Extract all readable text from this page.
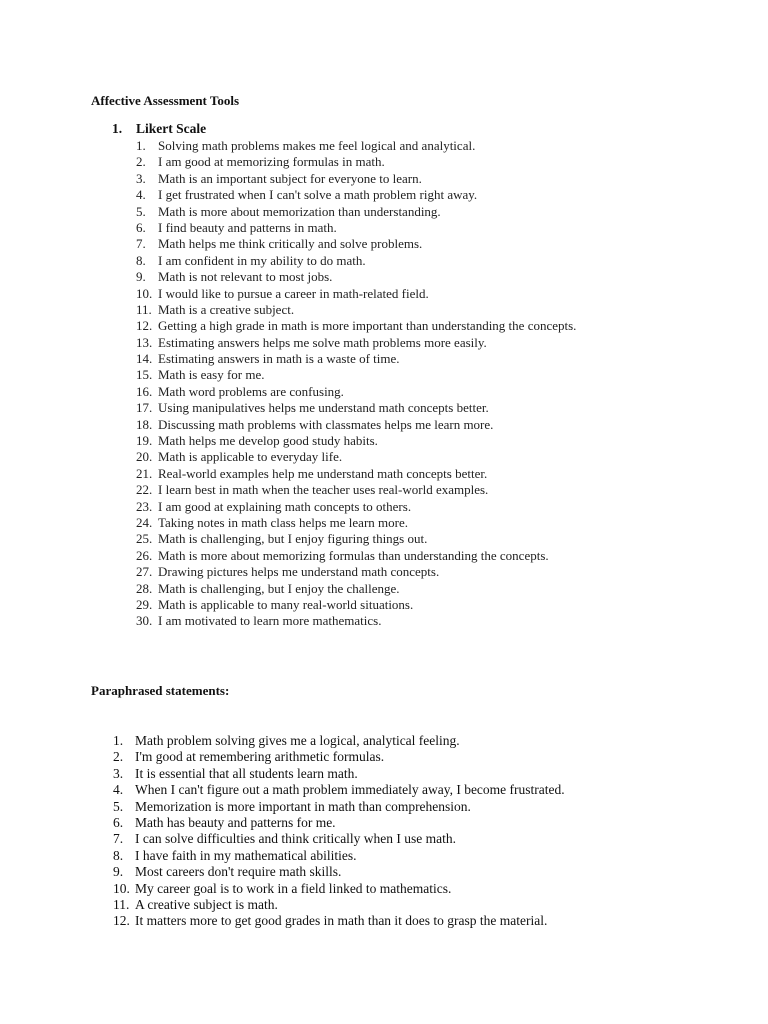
Affective Assessment Tools

1.	Likert Scale

1. Solving math problems makes me feel logical and analytical.
2. I am good at memorizing formulas in math.
3. Math is an important subject for everyone to learn.
4. I get frustrated when I can't solve a math problem right away.
5. Math is more about memorization than understanding.
6. I find beauty and patterns in math.
7. Math helps me think critically and solve problems.
8. I am confident in my ability to do math.
9. Math is not relevant to most jobs.
10. I would like to pursue a career in math-related field.
11. Math is a creative subject.
12. Getting a high grade in math is more important than understanding the concepts.
13. Estimating answers helps me solve math problems more easily.
14. Estimating answers in math is a waste of time.
15. Math is easy for me.
16. Math word problems are confusing.
17. Using manipulatives helps me understand math concepts better.
18. Discussing math problems with classmates helps me learn more.
19. Math helps me develop good study habits.
20. Math is applicable to everyday life.
21. Real-world examples help me understand math concepts better.
22. I learn best in math when the teacher uses real-world examples.
23. I am good at explaining math concepts to others.
24. Taking notes in math class helps me learn more.
25. Math is challenging, but I enjoy figuring things out.
26. Math is more about memorizing formulas than understanding the concepts.
27. Drawing pictures helps me understand math concepts.
28. Math is challenging, but I enjoy the challenge.
29. Math is applicable to many real-world situations.
30. I am motivated to learn more mathematics.

Paraphrased statements:

1. Math problem solving gives me a logical, analytical feeling.
2. I'm good at remembering arithmetic formulas.
3. It is essential that all students learn math.
4. When I can't figure out a math problem immediately away, I become frustrated.
5. Memorization is more important in math than comprehension.
6. Math has beauty and patterns for me.
7. I can solve difficulties and think critically when I use math.
8. I have faith in my mathematical abilities.
9. Most careers don't require math skills.
10. My career goal is to work in a field linked to mathematics.
11. A creative subject is math.
12. It matters more to get good grades in math than it does to grasp the material.
